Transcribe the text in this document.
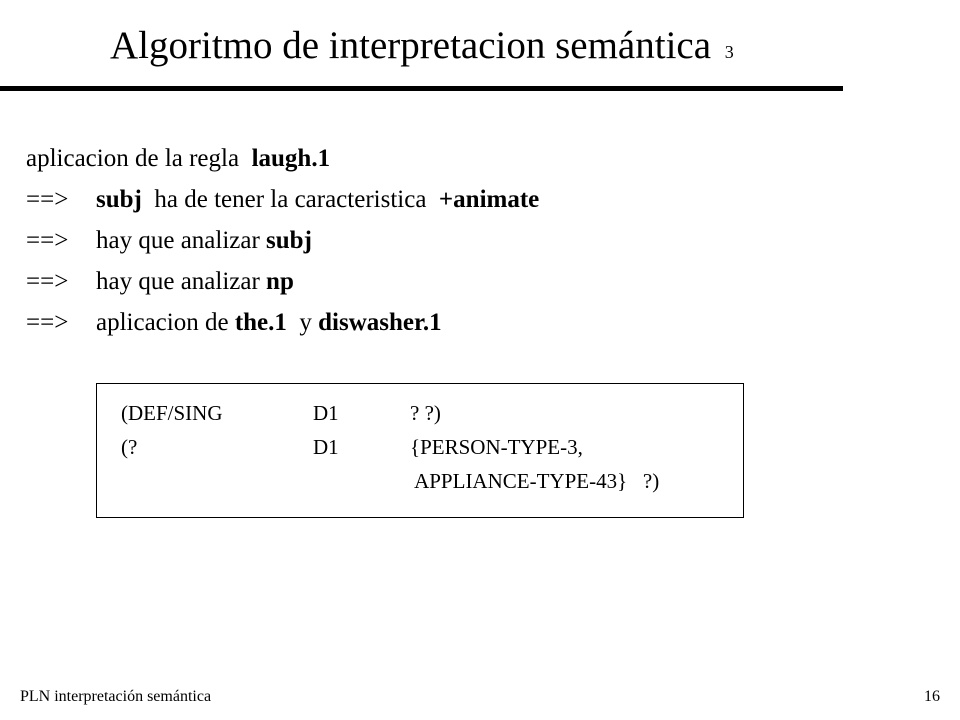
Algoritmo de interpretacion semántica 3
aplicacion de la regla  laugh.1
==> subj  ha de tener la caracteristica  +animate
==> hay que analizar subj
==> hay que analizar np
==> aplicacion de the.1  y diswasher.1
(DEF/SING	D1	? ?)
(?	D1	{PERSON-TYPE-3,
APPLIANCE-TYPE-43}   ?)
PLN interpretación semántica	16
